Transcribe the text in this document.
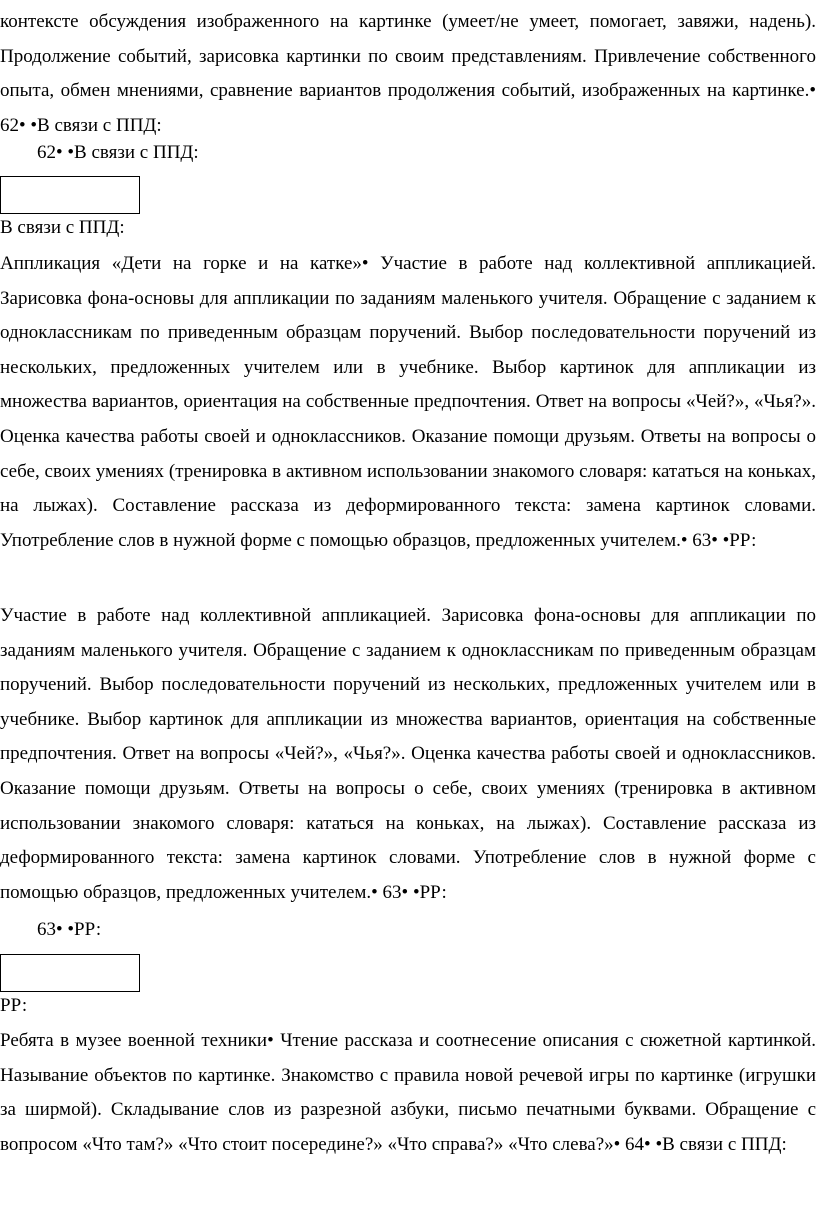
контексте обсуждения изображенного на картинке (умеет/не умеет, помогает, завяжи, надень). Продолжение событий, зарисовка картинки по своим представлениям. Привлечение собственного опыта, обмен мнениями, сравнение вариантов продолжения событий, изображенных на картинке.• 62• •В связи с ППД:

62• •В связи с ППД:

В связи с ППД:

Аппликация «Дети на горке и на катке»• Участие в работе над коллективной аппликацией. Зарисовка фона-основы для аппликации по заданиям маленького учителя. Обращение с заданием к одноклассникам по приведенным образцам поручений. Выбор последовательности поручений из нескольких, предложенных учителем или в учебнике. Выбор картинок для аппликации из множества вариантов, ориентация на собственные предпочтения. Ответ на вопросы «Чей?», «Чья?». Оценка качества работы своей и одноклассников. Оказание помощи друзьям. Ответы на вопросы о себе, своих умениях (тренировка в активном использовании знакомого словаря: кататься на коньках, на лыжах). Составление рассказа из деформированного текста: замена картинок словами. Употребление слов в нужной форме с помощью образцов, предложенных учителем.• 63• •РР:

Участие в работе над коллективной аппликацией. Зарисовка фона-основы для аппликации по заданиям маленького учителя. Обращение с заданием к одноклассникам по приведенным образцам поручений. Выбор последовательности поручений из нескольких, предложенных учителем или в учебнике. Выбор картинок для аппликации из множества вариантов, ориентация на собственные предпочтения. Ответ на вопросы «Чей?», «Чья?». Оценка качества работы своей и одноклассников. Оказание помощи друзьям. Ответы на вопросы о себе, своих умениях (тренировка в активном использовании знакомого словаря: кататься на коньках, на лыжах). Составление рассказа из деформированного текста: замена картинок словами. Употребление слов в нужной форме с помощью образцов, предложенных учителем.• 63• •РР:

63• •РР:

РР:

Ребята в музее военной техники• Чтение рассказа и соотнесение описания с сюжетной картинкой. Называние объектов по картинке. Знакомство с правила новой речевой игры по картинке (игрушки за ширмой). Складывание слов из разрезной азбуки, письмо печатными буквами. Обращение с вопросом «Что там?» «Что стоит посередине?» «Что справа?» «Что слева?»• 64• •В связи с ППД:
